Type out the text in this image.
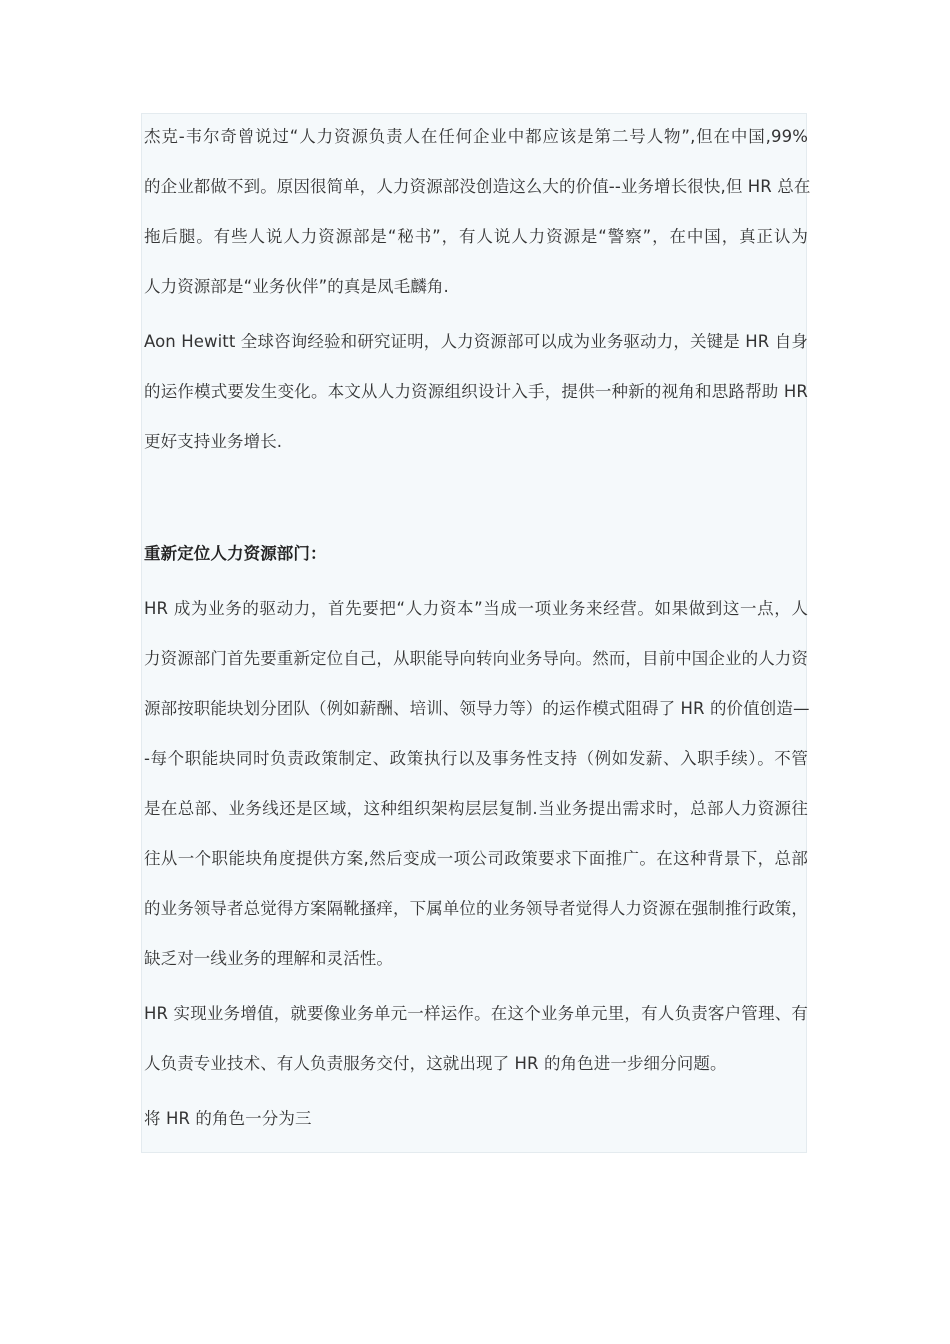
杰克-韦尔奇曾说过“人力资源负责人在任何企业中都应该是第二号人物”,但在中国,99%
的企业都做不到。原因很简单，人力资源部没创造这么大的价值--业务增长很快,但 HR 总在
拖后腿。有些人说人力资源部是“秘书”，有人说人力资源是“警察”，在中国，真正认为
人力资源部是“业务伙伴”的真是凤毛麟角.
Aon Hewitt 全球咨询经验和研究证明，人力资源部可以成为业务驱动力，关键是 HR 自身
的运作模式要发生变化。本文从人力资源组织设计入手，提供一种新的视角和思路帮助 HR
更好支持业务增长.
重新定位人力资源部门：
HR 成为业务的驱动力，首先要把“人力资本”当成一项业务来经营。如果做到这一点，人
力资源部门首先要重新定位自己，从职能导向转向业务导向。然而，目前中国企业的人力资
源部按职能块划分团队（例如薪酬、培训、领导力等）的运作模式阻碍了 HR 的价值创造—
-每个职能块同时负责政策制定、政策执行以及事务性支持（例如发薪、入职手续）。不管
是在总部、业务线还是区域，这种组织架构层层复制.当业务提出需求时，总部人力资源往
往从一个职能块角度提供方案,然后变成一项公司政策要求下面推广。在这种背景下，总部
的业务领导者总觉得方案隔靴搔痒，下属单位的业务领导者觉得人力资源在强制推行政策，
缺乏对一线业务的理解和灵活性。
HR 实现业务增值，就要像业务单元一样运作。在这个业务单元里，有人负责客户管理、有
人负责专业技术、有人负责服务交付，这就出现了 HR 的角色进一步细分问题。
将 HR 的角色一分为三
